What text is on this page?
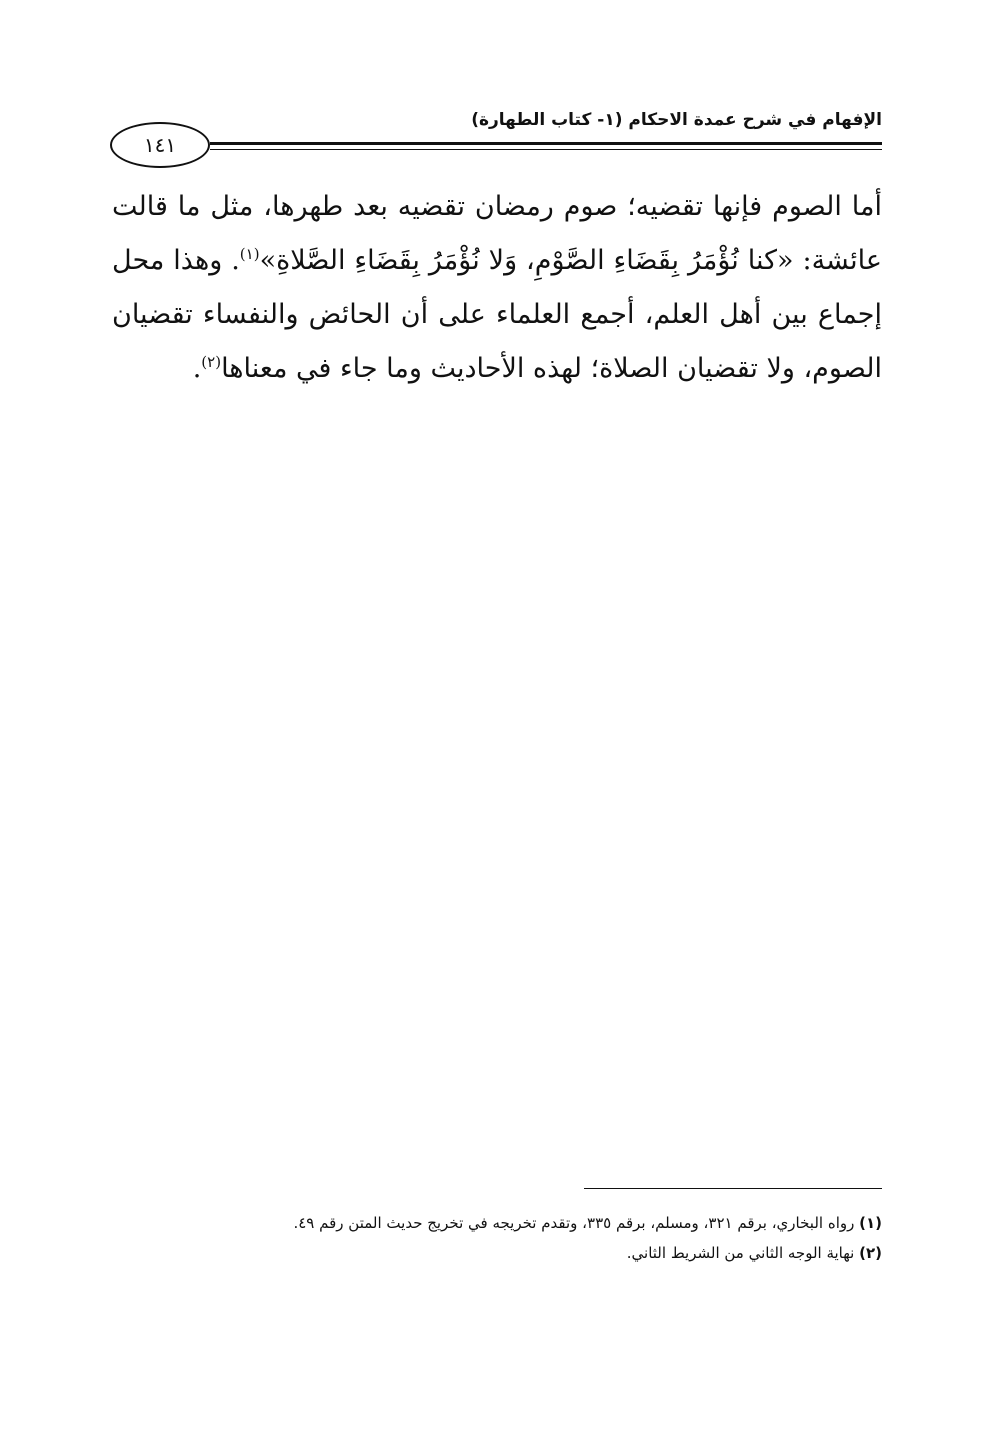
الإفهام في شرح عمدة الاحكام (١- كتاب الطهارة)
١٤١

أما الصوم فإنها تقضيه؛ صوم رمضان تقضيه بعد طهرها، مثل ما قالت عائشة: «كنا نُؤْمَرُ بِقَضَاءِ الصَّوْمِ، وَلا نُؤْمَرُ بِقَضَاءِ الصَّلاةِ»$^{(١)}$. وهذا محل إجماع بين أهل العلم، أجمع العلماء على أن الحائض والنفساء تقضيان الصوم، ولا تقضيان الصلاة؛ لهذه الأحاديث وما جاء في معناها$^{(٢)}$.

(١) رواه البخاري، برقم ٣٢١، ومسلم، برقم ٣٣٥، وتقدم تخريجه في تخريج حديث المتن رقم ٤٩.

(٢) نهاية الوجه الثاني من الشريط الثاني.
